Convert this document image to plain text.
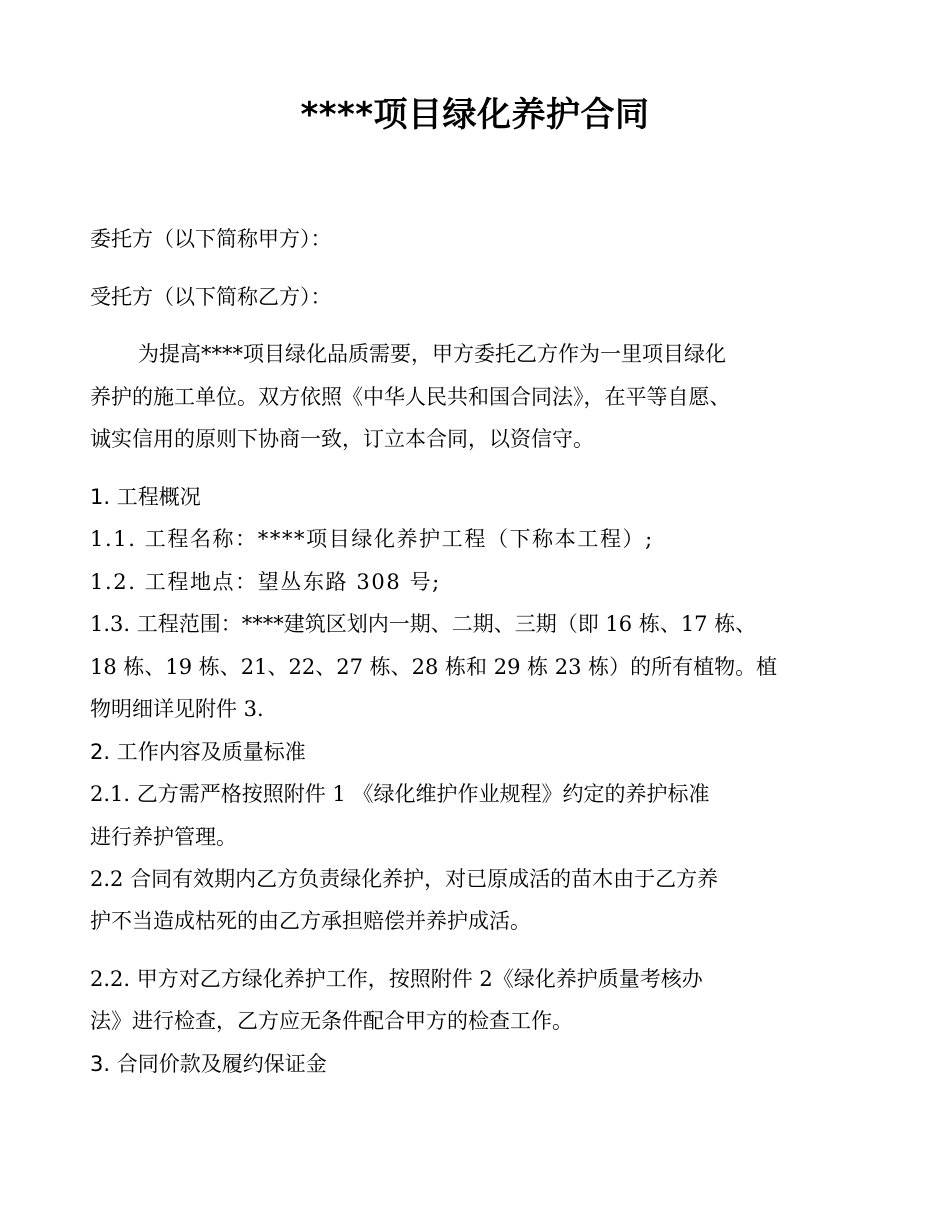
****项目绿化养护合同
委托方（以下简称甲方）：
受托方（以下简称乙方）：
为提高****项目绿化品质需要，甲方委托乙方作为一里项目绿化
养护的施工单位。双方依照《中华人民共和国合同法》，在平等自愿、
诚实信用的原则下协商一致，订立本合同，以资信守。
1. 工程概况
1.1. 工程名称：****项目绿化养护工程（下称本工程）;
1.2. 工程地点：望丛东路 308 号;
1.3. 工程范围：****建筑区划内一期、二期、三期（即 16 栋、17 栋、
18 栋、19 栋、21、22、27 栋、28 栋和 29 栋 23 栋）的所有植物。植
物明细详见附件 3.
2. 工作内容及质量标准
2.1. 乙方需严格按照附件 1 《绿化维护作业规程》约定的养护标准
进行养护管理。
2.2 合同有效期内乙方负责绿化养护，对已原成活的苗木由于乙方养
护不当造成枯死的由乙方承担赔偿并养护成活。
2.2. 甲方对乙方绿化养护工作，按照附件 2《绿化养护质量考核办
法》进行检查，乙方应无条件配合甲方的检查工作。
3. 合同价款及履约保证金
